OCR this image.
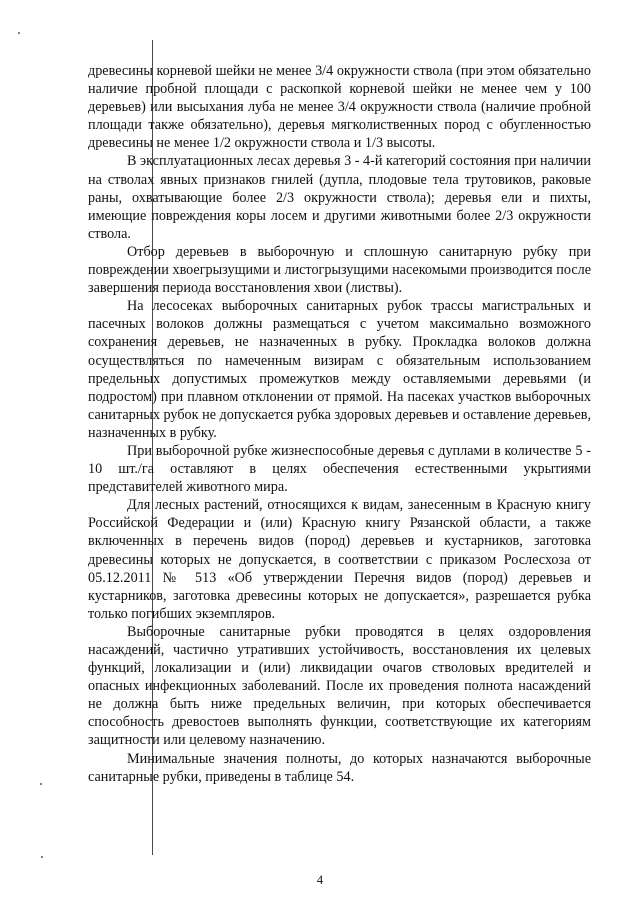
древесины корневой шейки не менее 3/4 окружности ствола (при этом обязательно наличие пробной площади с раскопкой корневой шейки не менее чем у 100 деревьев) или высыхания луба не менее 3/4 окружности ствола (наличие пробной площади также обязательно), деревья мягколиственных пород с обугленностью древесины не менее 1/2 окружности ствола и 1/3 высоты.

В эксплуатационных лесах деревья 3 - 4-й категорий состояния при наличии на стволах явных признаков гнилей (дупла, плодовые тела трутовиков, раковые раны, охватывающие более 2/3 окружности ствола); деревья ели и пихты, имеющие повреждения коры лосем и другими животными более 2/3 окружности ствола.

Отбор деревьев в выборочную и сплошную санитарную рубку при повреждении хвоегрызущими и листогрызущими насекомыми производится после завершения периода восстановления хвои (листвы).

На лесосеках выборочных санитарных рубок трассы магистральных и пасечных волоков должны размещаться с учетом максимально возможного сохранения деревьев, не назначенных в рубку. Прокладка волоков должна осуществляться по намеченным визирам с обязательным использованием предельных допустимых промежутков между оставляемыми деревьями (и подростом) при плавном отклонении от прямой. На пасеках участков выборочных санитарных рубок не допускается рубка здоровых деревьев и оставление деревьев, назначенных в рубку.

При выборочной рубке жизнеспособные деревья с дуплами в количестве 5 - 10 шт./га оставляют в целях обеспечения естественными укрытиями представителей животного мира.

Для лесных растений, относящихся к видам, занесенным в Красную книгу Российской Федерации и (или) Красную книгу Рязанской области, а также включенных в перечень видов (пород) деревьев и кустарников, заготовка древесины которых не допускается, в соответствии с приказом Рослесхоза от 05.12.2011 № 513 «Об утверждении Перечня видов (пород) деревьев и кустарников, заготовка древесины которых не допускается», разрешается рубка только погибших экземпляров.

Выборочные санитарные рубки проводятся в целях оздоровления насаждений, частично утративших устойчивость, восстановления их целевых функций, локализации и (или) ликвидации очагов стволовых вредителей и опасных инфекционных заболеваний. После их проведения полнота насаждений не должна быть ниже предельных величин, при которых обеспечивается способность древостоев выполнять функции, соответствующие их категориям защитности или целевому назначению.

Минимальные значения полноты, до которых назначаются выборочные санитарные рубки, приведены в таблице 54.

4
